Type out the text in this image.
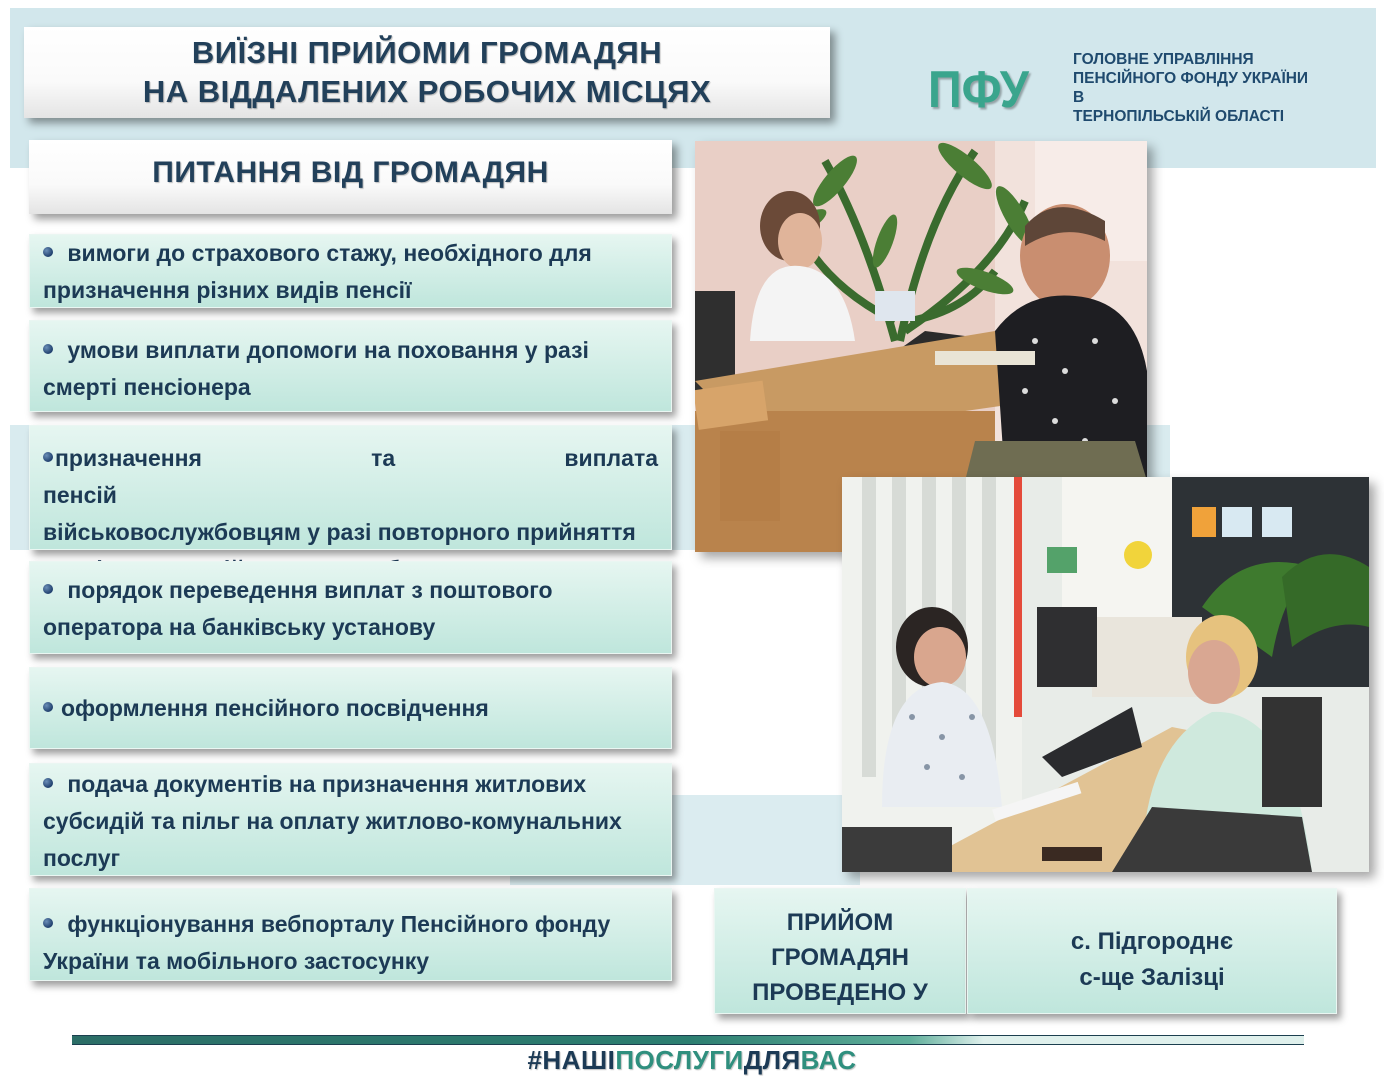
ВИЇЗНІ ПРИЙОМИ ГРОМАДЯН
НА ВІДДАЛЕНИХ РОБОЧИХ МІСЦЯХ	ПФУ
ГОЛОВНЕ УПРАВЛІННЯ
ПЕНСІЙНОГО ФОНДУ УКРАЇНИ В
ТЕРНОПІЛЬСЬКІЙ ОБЛАСТІ
ПИТАННЯ ВІД ГРОМАДЯН
вимоги до страхового стажу, необхідного для
призначення різних видів пенсії
умови виплати допомоги на поховання у разі
смерті пенсіонера
призначення та виплата пенсій
військовослужбовцям у разі повторного прийняття

порядок переведення виплат з поштового
оператора на банківську установу
оформлення пенсійного посвідчення
подача документів на призначення житлових
субсидій та пільг на оплату житлово-комунальних
послуг
функціонування вебпорталу Пенсійного фонду
України та мобільного застосунку
ПРИЙОМ
ГРОМАДЯН
ПРОВЕДЕНО У
с. Підгороднє
с-ще Залізці
#НАШІПОСЛУГИДЛЯВАС
